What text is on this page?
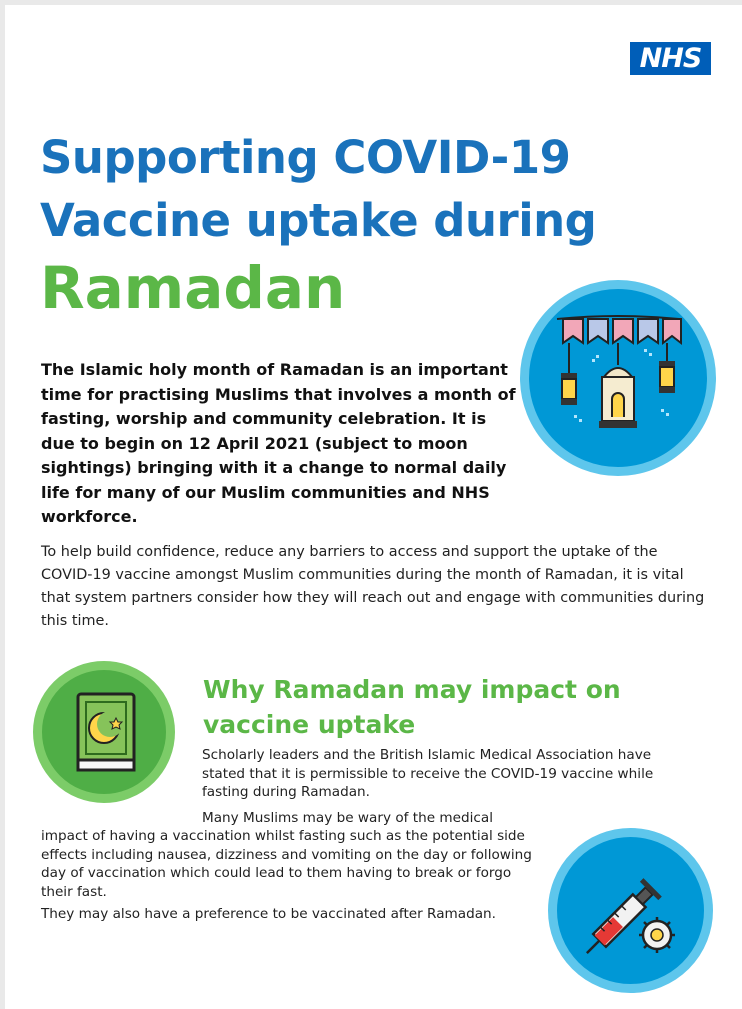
NHS
Supporting COVID-19
Vaccine uptake during
Ramadan

The Islamic holy month of Ramadan is an important time for practising Muslims that involves a month of fasting, worship and community celebration. It is due to begin on 12 April 2021 (subject to moon sightings) bringing with it a change to normal daily life for many of our Muslim communities and NHS workforce.

To help build confidence, reduce any barriers to access and support the uptake of the COVID-19 vaccine amongst Muslim communities during the month of Ramadan, it is vital that system partners consider how they will reach out and engage with communities during this time.

Why Ramadan may impact on
vaccine uptake

Scholarly leaders and the British Islamic Medical Association have stated that it is permissible to receive the COVID-19 vaccine while fasting during Ramadan.

Many Muslims may be wary of the medical

impact of having a vaccination whilst fasting such as the potential side effects including nausea, dizziness and vomiting on the day or following day of vaccination which could lead to them having to break or forgo their fast.

They may also have a preference to be vaccinated after Ramadan.
